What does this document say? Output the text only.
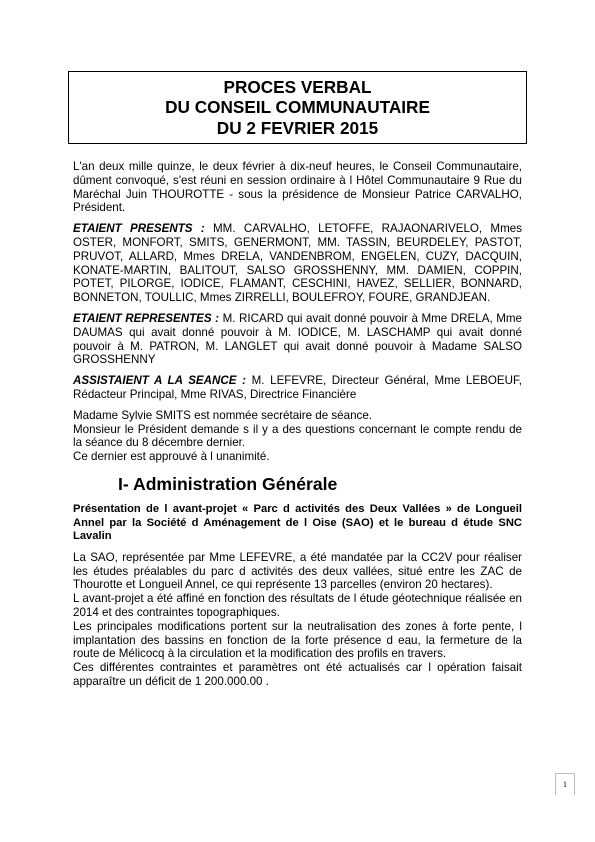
PROCES VERBAL
DU CONSEIL COMMUNAUTAIRE
DU 2 FEVRIER 2015

L'an deux mille quinze, le deux février à dix-neuf heures, le Conseil Communautaire, dûment convoqué, s'est réuni en session ordinaire à l Hôtel Communautaire 9 Rue du Maréchal Juin THOUROTTE - sous la présidence de Monsieur Patrice CARVALHO, Président.

ETAIENT PRESENTS : MM. CARVALHO, LETOFFE, RAJAONARIVELO, Mmes OSTER, MONFORT, SMITS, GENERMONT, MM. TASSIN, BEURDELEY, PASTOT, PRUVOT, ALLARD, Mmes DRELA, VANDENBROM, ENGELEN, CUZY, DACQUIN, KONATE-MARTIN, BALITOUT, SALSO GROSSHENNY, MM. DAMIEN, COPPIN, POTET, PILORGE, IODICE, FLAMANT, CESCHINI, HAVEZ, SELLIER, BONNARD, BONNETON, TOULLIC, Mmes ZIRRELLI, BOULEFROY, FOURE, GRANDJEAN.

ETAIENT REPRESENTES : M. RICARD qui avait donné pouvoir à Mme DRELA, Mme DAUMAS qui avait donné pouvoir à M. IODICE, M. LASCHAMP qui avait donné pouvoir à M. PATRON, M. LANGLET qui avait donné pouvoir à Madame SALSO GROSSHENNY

ASSISTAIENT A LA SEANCE : M. LEFEVRE, Directeur Général, Mme LEBOEUF, Rédacteur Principal, Mme RIVAS, Directrice Financière

Madame Sylvie SMITS est nommée secrétaire de séance.

Monsieur le Président demande s il y a des questions concernant le compte rendu de la séance du 8 décembre dernier.

Ce dernier est approuvé à l unanimité.

I- Administration Générale

Présentation de l avant-projet « Parc d activités des Deux Vallées » de Longueil Annel par la Société d Aménagement de l Oise (SAO) et le bureau d étude SNC Lavalin

La SAO, représentée par Mme LEFEVRE, a été mandatée par la CC2V pour réaliser les études préalables du parc d activités des deux vallées, situé entre les ZAC de Thourotte et Longueil Annel, ce qui représente 13 parcelles (environ 20 hectares).

L avant-projet a été affiné en fonction des résultats de l étude géotechnique réalisée en 2014 et des contraintes topographiques.

Les principales modifications portent sur la neutralisation des zones à forte pente, l implantation des bassins en fonction de la forte présence d eau, la fermeture de la route de Mélicocq à la circulation et la modification des profils en travers.

Ces différentes contraintes et paramètres ont été actualisés car l opération faisait apparaître un déficit de 1 200.000.00 .

1
